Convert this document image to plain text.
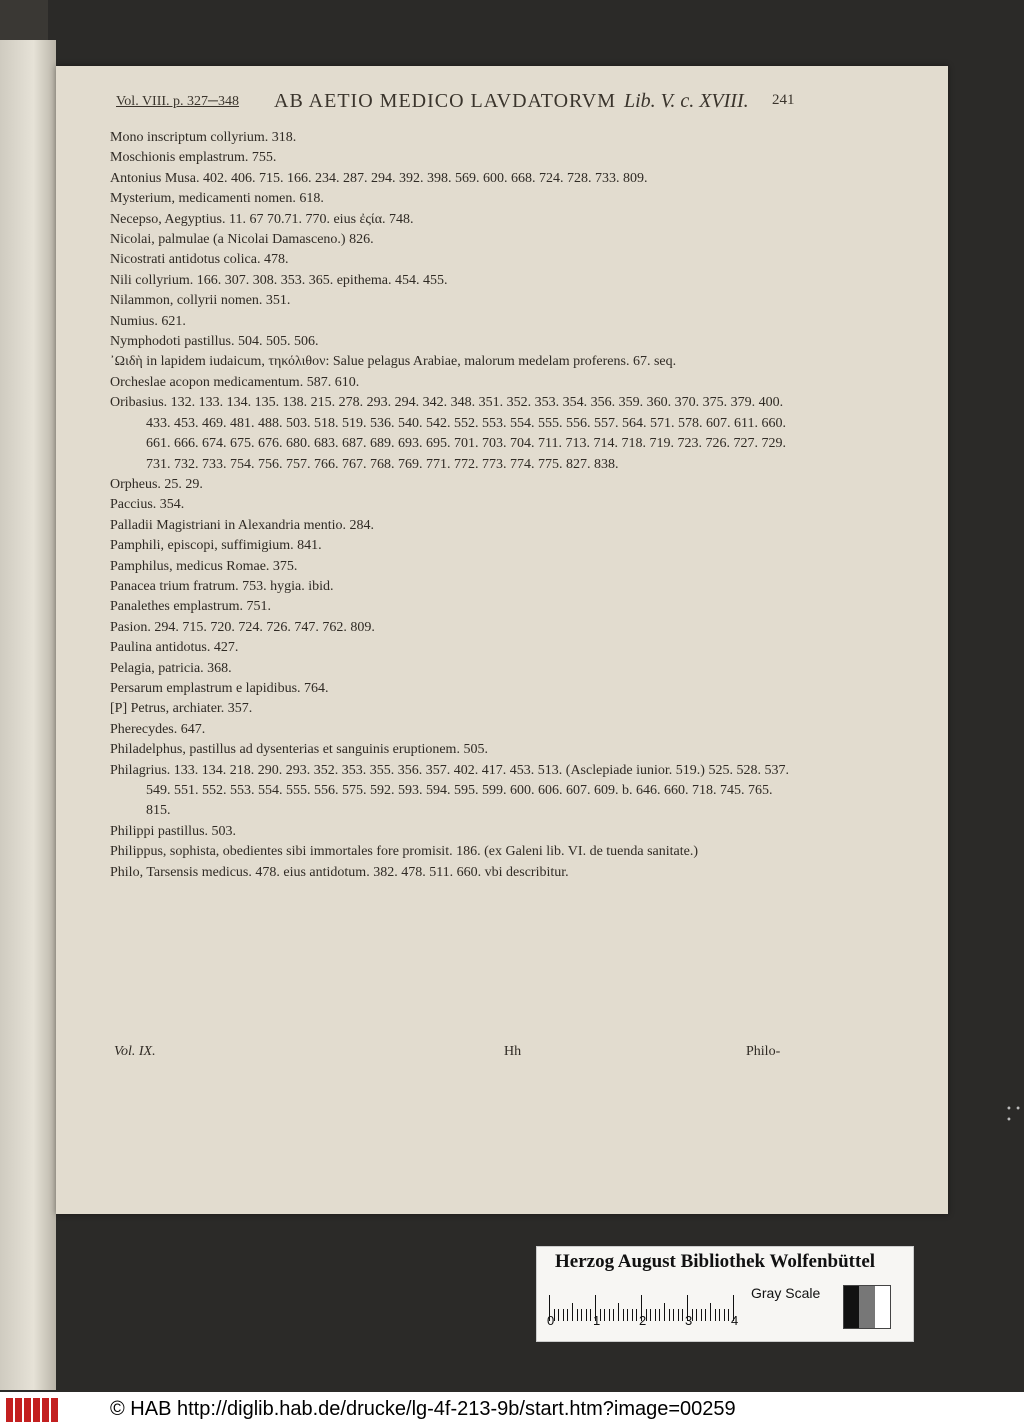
Vol. VIII. p. 327─348 AB AETIO MEDICO LAVDATORVM Lib. V. c. XVIII. 241

Mono inscriptum collyrium. 318.

Moschionis emplastrum. 755.

Antonius Musa. 402. 406. 715. 166. 234. 287. 294. 392. 398. 569. 600. 668. 724. 728. 733. 809.

Mysterium, medicamenti nomen. 618.

Necepso, Aegyptius. 11. 67 70.71. 770. eius ἐςία. 748.

Nicolai, palmulae (a Nicolai Damasceno.) 826.

Nicostrati antidotus colica. 478.

Nili collyrium. 166. 307. 308. 353. 365. epithema. 454. 455.

Nilammon, collyrii nomen. 351.

Numius. 621.

Nymphodoti pastillus. 504. 505. 506.

᾿Ωιδὴ in lapidem iudaicum, τηκόλιθον: Salue pelagus Arabiae, malorum medelam proferens. 67. seq.

Orcheslae acopon medicamentum. 587. 610.

Oribasius. 132. 133. 134. 135. 138. 215. 278. 293. 294. 342. 348. 351. 352. 353. 354. 356. 359. 360. 370. 375. 379. 400. 433. 453. 469. 481. 488. 503. 518. 519. 536. 540. 542. 552. 553. 554. 555. 556. 557. 564. 571. 578. 607. 611. 660. 661. 666. 674. 675. 676. 680. 683. 687. 689. 693. 695. 701. 703. 704. 711. 713. 714. 718. 719. 723. 726. 727. 729. 731. 732. 733. 754. 756. 757. 766. 767. 768. 769. 771. 772. 773. 774. 775. 827. 838.

Orpheus. 25. 29.

Paccius. 354.

Palladii Magistriani in Alexandria mentio. 284.

Pamphili, episcopi, suffimigium. 841.

Pamphilus, medicus Romae. 375.

Panacea trium fratrum. 753. hygia. ibid.

Panalethes emplastrum. 751.

Pasion. 294. 715. 720. 724. 726. 747. 762. 809.

Paulina antidotus. 427.

Pelagia, patricia. 368.

Persarum emplastrum e lapidibus. 764.

[P] Petrus, archiater. 357.

Pherecydes. 647.

Philadelphus, pastillus ad dysenterias et sanguinis eruptionem. 505.

Philagrius. 133. 134. 218. 290. 293. 352. 353. 355. 356. 357. 402. 417. 453. 513. (Asclepiade iunior. 519.) 525. 528. 537. 549. 551. 552. 553. 554. 555. 556. 575. 592. 593. 594. 595. 599. 600. 606. 607. 609. b. 646. 660. 718. 745. 765. 815.

Philippi pastillus. 503.

Philippus, sophista, obedientes sibi immortales fore promisit. 186. (ex Galeni lib. VI. de tuenda sanitate.)

Philo, Tarsensis medicus. 478. eius antidotum. 382. 478. 511. 660. vbi describitur.

Vol. IX.	Hh	Philo-
• • •
Herzog August Bibliothek Wolfenbüttel
0	1	2	3	4
Gray Scale
© HAB http://diglib.hab.de/drucke/lg-4f-213-9b/start.htm?image=00259
